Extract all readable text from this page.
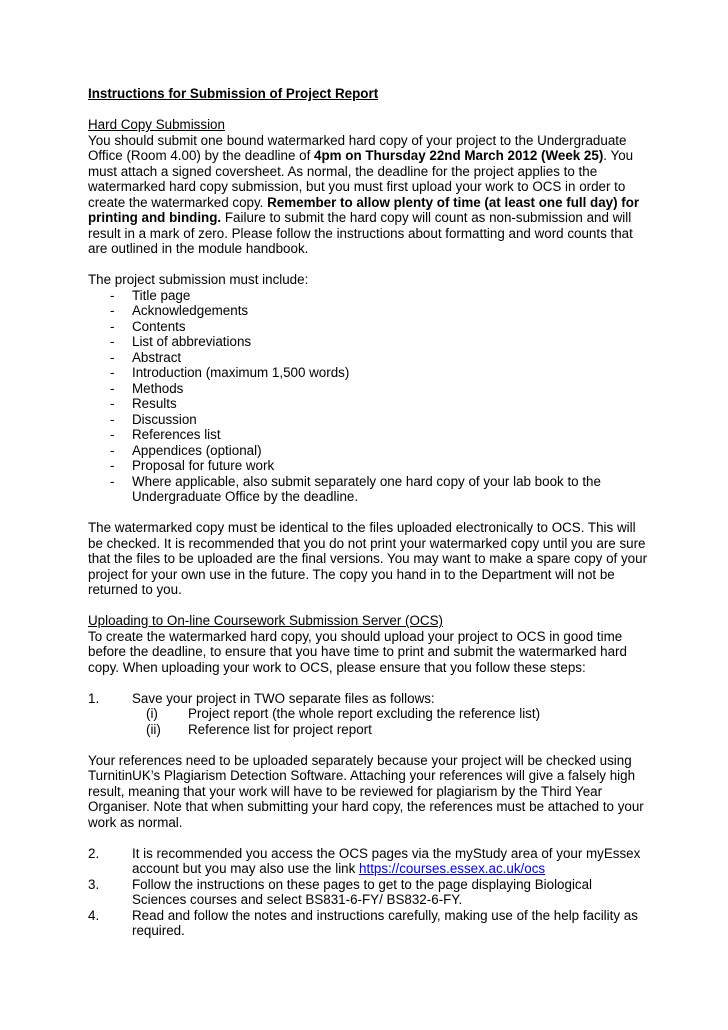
Instructions for Submission of Project Report

Hard Copy Submission

You should submit one bound watermarked hard copy of your project to the Undergraduate Office (Room 4.00) by the deadline of 4pm on Thursday 22nd March 2012 (Week 25). You must attach a signed coversheet. As normal, the deadline for the project applies to the watermarked hard copy submission, but you must first upload your work to OCS in order to create the watermarked copy. Remember to allow plenty of time (at least one full day) for printing and binding. Failure to submit the hard copy will count as non-submission and will result in a mark of zero. Please follow the instructions about formatting and word counts that are outlined in the module handbook.

The project submission must include:

- Title page
- Acknowledgements
- Contents
- List of abbreviations
- Abstract
- Introduction (maximum 1,500 words)
- Methods
- Results
- Discussion
- References list
- Appendices (optional)
- Proposal for future work
- Where applicable, also submit separately one hard copy of your lab book to the Undergraduate Office by the deadline.

The watermarked copy must be identical to the files uploaded electronically to OCS. This will be checked. It is recommended that you do not print your watermarked copy until you are sure that the files to be uploaded are the final versions. You may want to make a spare copy of your project for your own use in the future. The copy you hand in to the Department will not be returned to you.

Uploading to On-line Coursework Submission Server (OCS)

To create the watermarked hard copy, you should upload your project to OCS in good time before the deadline, to ensure that you have time to print and submit the watermarked hard copy. When uploading your work to OCS, please ensure that you follow these steps:

1. Save your project in TWO separate files as follows:
(i) Project report (the whole report excluding the reference list)
(ii) Reference list for project report

Your references need to be uploaded separately because your project will be checked using TurnitinUK’s Plagiarism Detection Software. Attaching your references will give a falsely high result, meaning that your work will have to be reviewed for plagiarism by the Third Year Organiser. Note that when submitting your hard copy, the references must be attached to your work as normal.

2. It is recommended you access the OCS pages via the myStudy area of your myEssex account but you may also use the link https://courses.essex.ac.uk/ocs
3. Follow the instructions on these pages to get to the page displaying Biological Sciences courses and select BS831-6-FY/ BS832-6-FY.
4. Read and follow the notes and instructions carefully, making use of the help facility as required.
